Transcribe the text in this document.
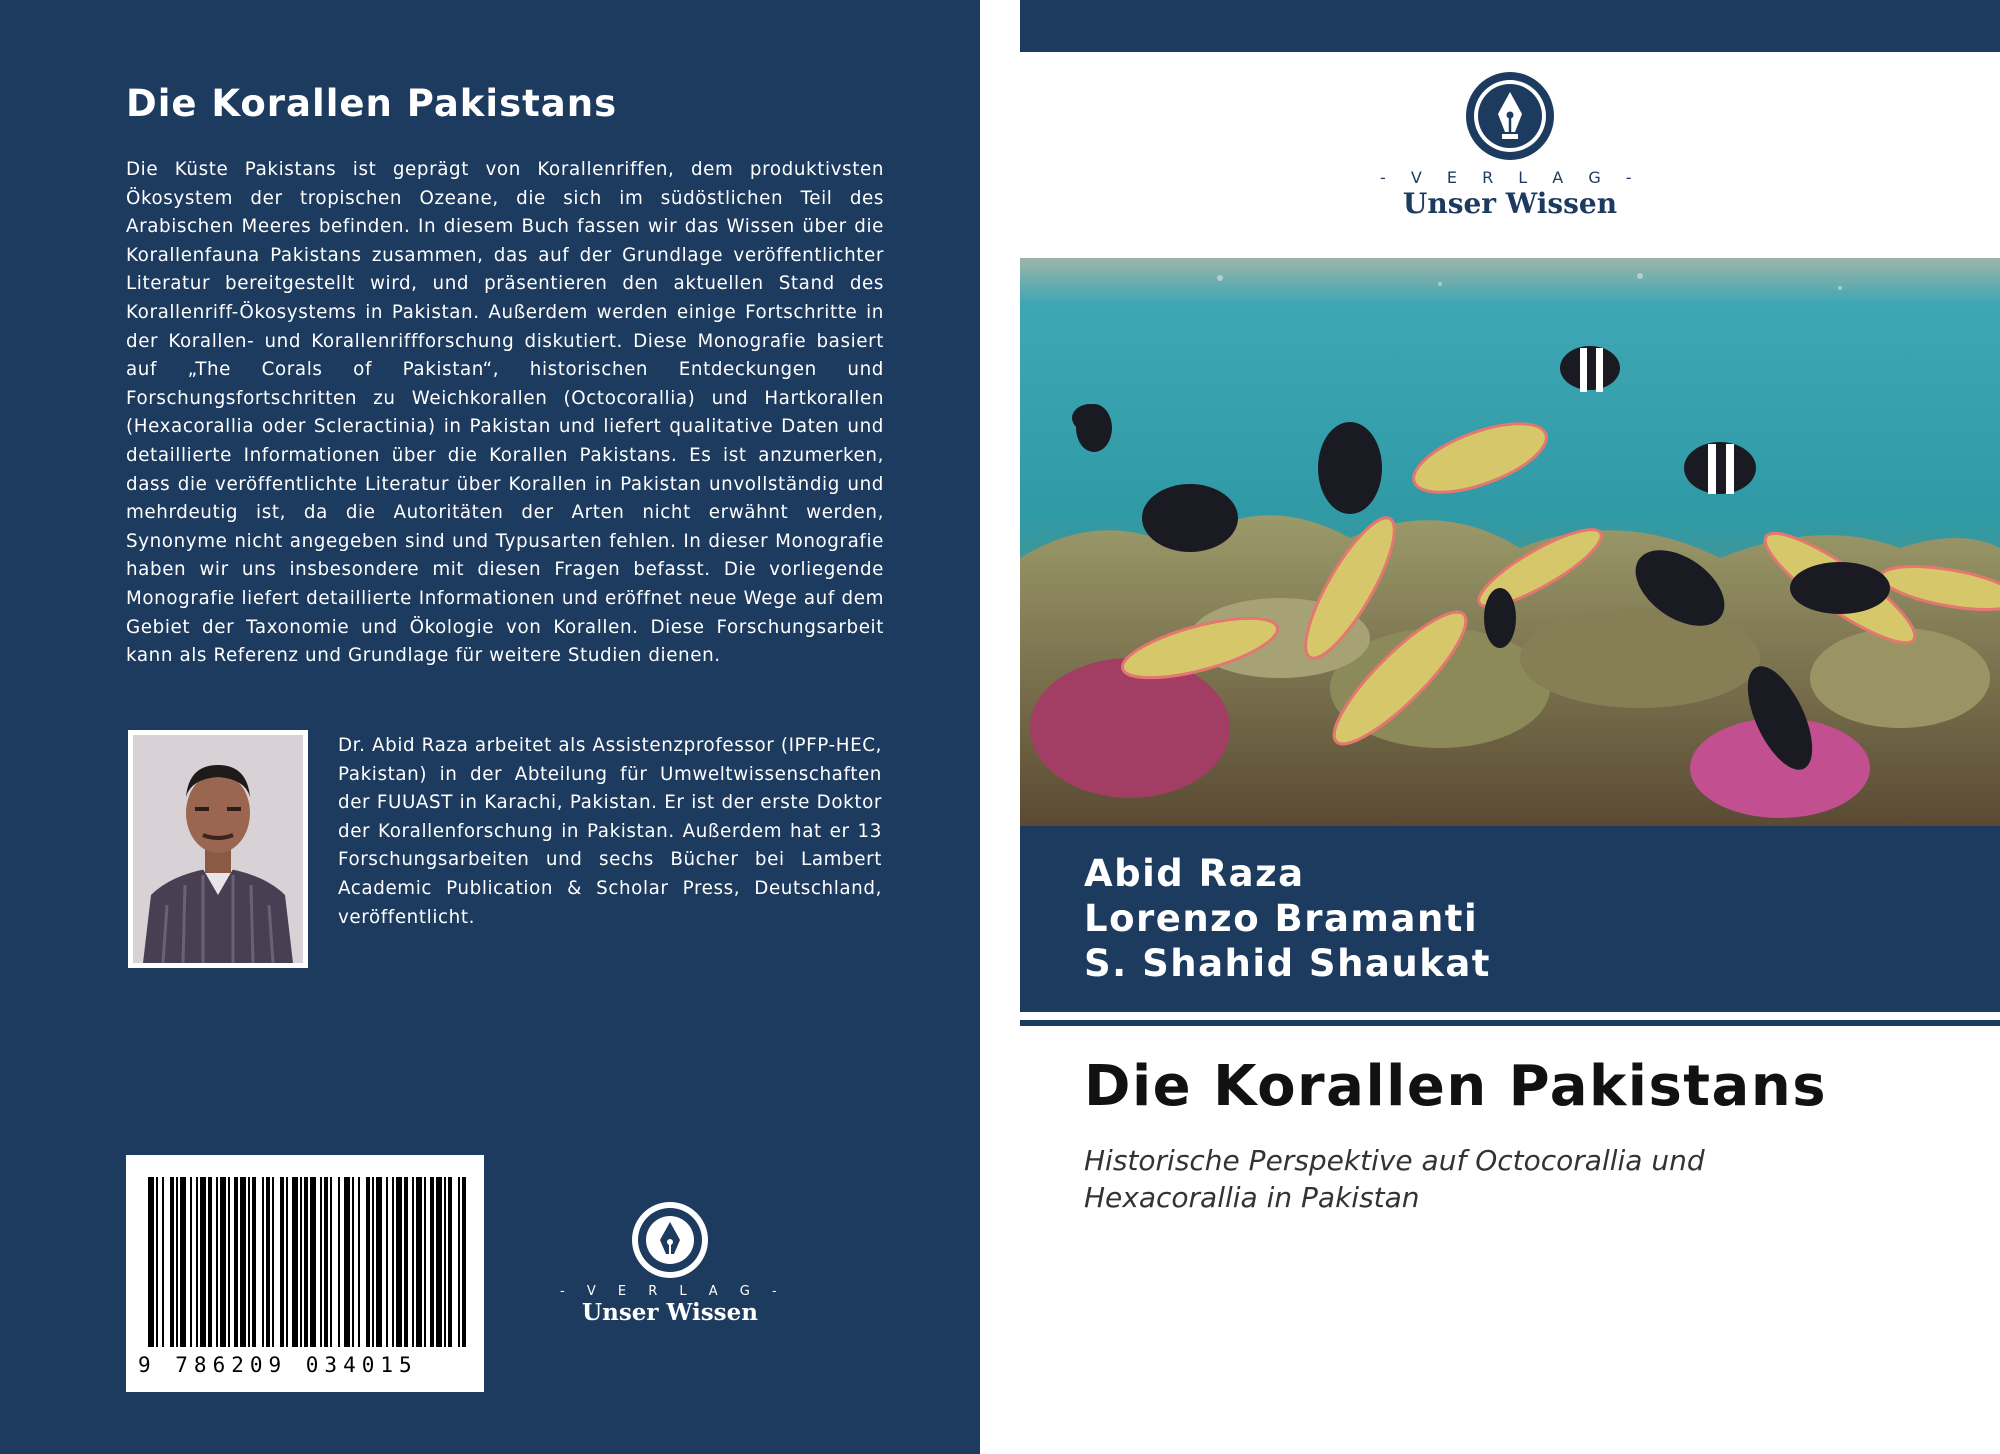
Die Korallen Pakistans

Die Küste Pakistans ist geprägt von Korallenriffen, dem produktivsten Ökosystem der tropischen Ozeane, die sich im südöstlichen Teil des Arabischen Meeres befinden. In diesem Buch fassen wir das Wissen über die Korallenfauna Pakistans zusammen, das auf der Grundlage veröffentlichter Literatur bereitgestellt wird, und präsentieren den aktuellen Stand des Korallenriff-Ökosystems in Pakistan. Außerdem werden einige Fortschritte in der Korallen- und Korallenriffforschung diskutiert. Diese Monografie basiert auf „The Corals of Pakistan“, historischen Entdeckungen und Forschungsfortschritten zu Weichkorallen (Octocorallia) und Hartkorallen (Hexacorallia oder Scleractinia) in Pakistan und liefert qualitative Daten und detaillierte Informationen über die Korallen Pakistans. Es ist anzumerken, dass die veröffentlichte Literatur über Korallen in Pakistan unvollständig und mehrdeutig ist, da die Autoritäten der Arten nicht erwähnt werden, Synonyme nicht angegeben sind und Typusarten fehlen. In dieser Monografie haben wir uns insbesondere mit diesen Fragen befasst. Die vorliegende Monografie liefert detaillierte Informationen und eröffnet neue Wege auf dem Gebiet der Taxonomie und Ökologie von Korallen. Diese Forschungsarbeit kann als Referenz und Grundlage für weitere Studien dienen.

Dr. Abid Raza arbeitet als Assistenzprofessor (IPFP-HEC, Pakistan) in der Abteilung für Umweltwissenschaften der FUUAST in Karachi, Pakistan. Er ist der erste Doktor der Korallenforschung in Pakistan. Außerdem hat er 13 Forschungsarbeiten und sechs Bücher bei Lambert Academic Publication & Scholar Press, Deutschland, veröffentlicht.

9 786209 034015
- V E R L A G -
Unser Wissen
- V E R L A G -
Unser Wissen

Abid Raza

Lorenzo Bramanti

S. Shahid Shaukat

Die Korallen Pakistans

Historische Perspektive auf Octocorallia und Hexacorallia in Pakistan
